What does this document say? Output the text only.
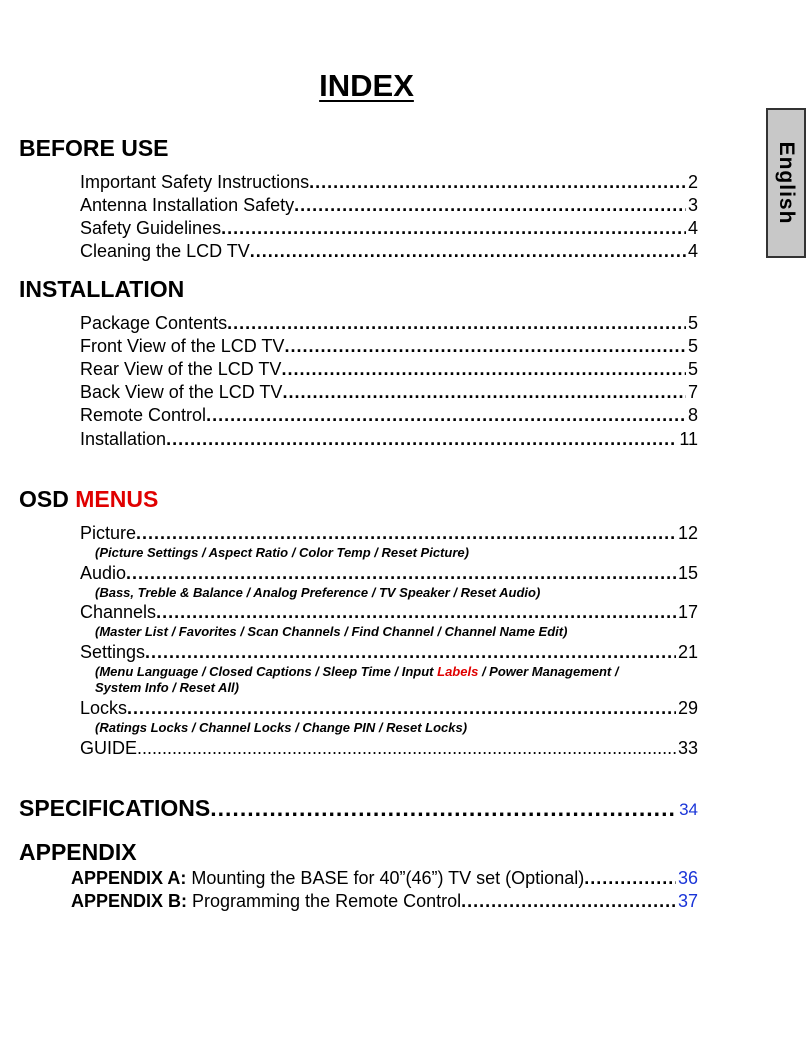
INDEX
English
BEFORE USE
Important Safety Instructions .....	2
Antenna Installation Safety .....	3
Safety Guidelines .....	4
Cleaning the LCD TV .....	4
INSTALLATION
Package Contents .....	5
Front View of the LCD TV .....	5
Rear View of the LCD TV .....	5
Back View of the LCD TV .....	7
Remote Control .....	8
Installation .....	11
OSD MENUS
Picture .....	12
(Picture Settings / Aspect Ratio / Color Temp / Reset Picture)
Audio .....	15
(Bass, Treble & Balance / Analog Preference / TV Speaker / Reset Audio)
Channels .....	17
(Master List / Favorites / Scan Channels / Find Channel / Channel Name Edit)
Settings .....	21
(Menu Language / Closed Captions / Sleep Time / Input Labels / Power Management /
System Info / Reset All)
Locks .....	29
(Ratings Locks / Channel Locks / Change PIN / Reset Locks)
GUIDE .....	33
SPECIFICATIONS .....	34
APPENDIX
APPENDIX A: Mounting the BASE for 40”(46”) TV set (Optional) .....	36
APPENDIX B: Programming the Remote Control .....	37
